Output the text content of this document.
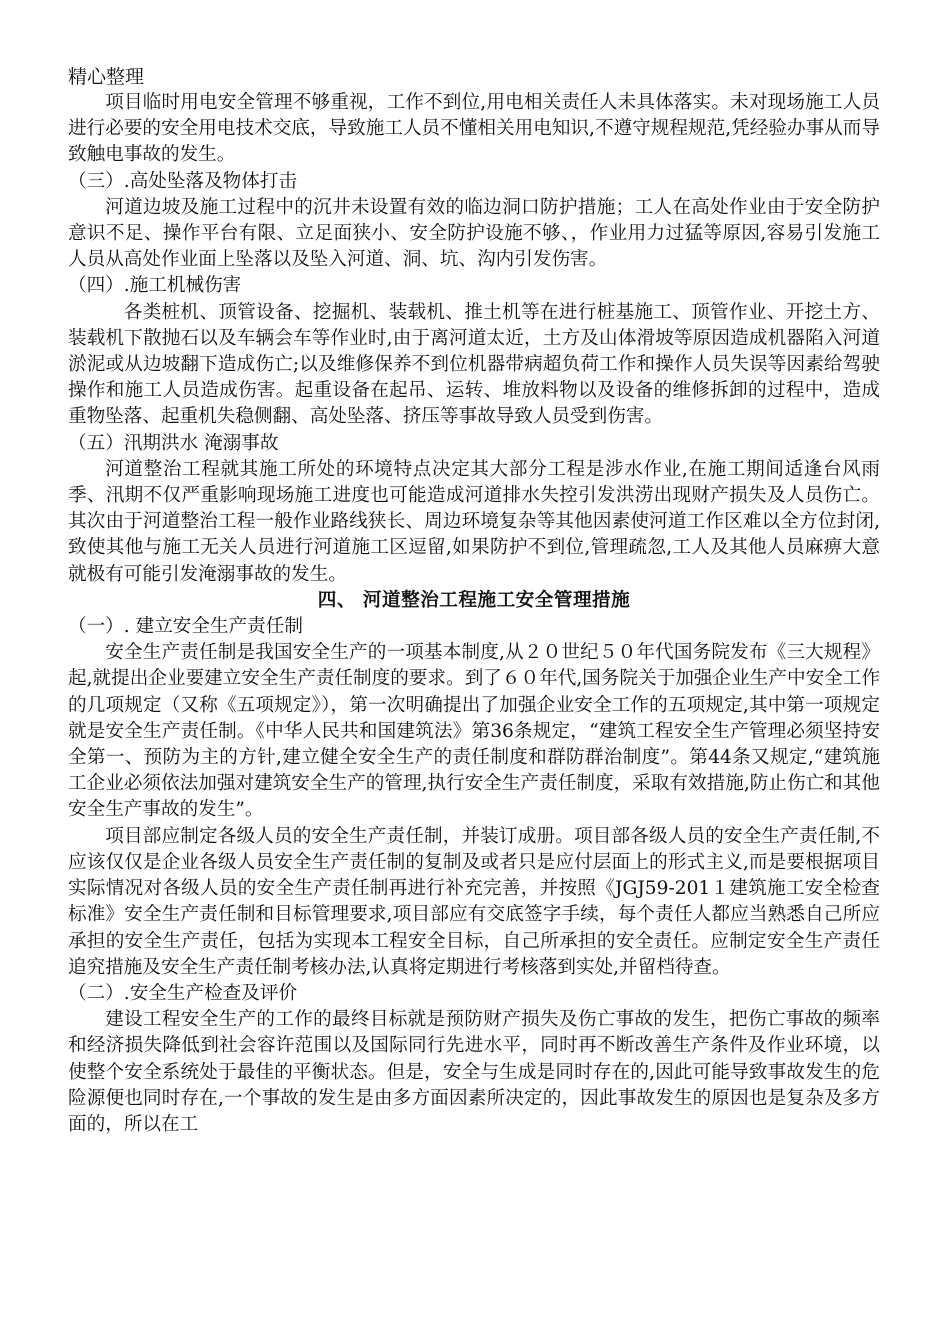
精心整理

项目临时用电安全管理不够重视，工作不到位,用电相关责任人未具体落实。未对现场施工人员进行必要的安全用电技术交底，导致施工人员不懂相关用电知识,不遵守规程规范,凭经验办事从而导致触电事故的发生。

（三）.高处坠落及物体打击

河道边坡及施工过程中的沉井未设置有效的临边洞口防护措施；工人在高处作业由于安全防护意识不足、操作平台有限、立足面狭小、安全防护设施不够、，作业用力过猛等原因,容易引发施工人员从高处作业面上坠落以及坠入河道、洞、坑、沟内引发伤害。

（四）.施工机械伤害

各类桩机、顶管设备、挖掘机、装载机、推土机等在进行桩基施工、顶管作业、开挖土方、装载机下散抛石以及车辆会车等作业时,由于离河道太近，土方及山体滑坡等原因造成机器陷入河道淤泥或从边坡翻下造成伤亡;以及维修保养不到位机器带病超负荷工作和操作人员失误等因素给驾驶操作和施工人员造成伤害。起重设备在起吊、运转、堆放料物以及设备的维修拆卸的过程中，造成重物坠落、起重机失稳侧翻、高处坠落、挤压等事故导致人员受到伤害。

（五）汛期洪水 淹溺事故

河道整治工程就其施工所处的环境特点决定其大部分工程是涉水作业,在施工期间适逢台风雨季、汛期不仅严重影响现场施工进度也可能造成河道排水失控引发洪涝出现财产损失及人员伤亡。其次由于河道整治工程一般作业路线狭长、周边环境复杂等其他因素使河道工作区难以全方位封闭,致使其他与施工无关人员进行河道施工区逗留,如果防护不到位,管理疏忽,工人及其他人员麻痹大意就极有可能引发淹溺事故的发生。

四、 河道整治工程施工安全管理措施

（一）. 建立安全生产责任制

安全生产责任制是我国安全生产的一项基本制度,从２０世纪５０年代国务院发布《三大规程》起,就提出企业要建立安全生产责任制度的要求。到了６０年代,国务院关于加强企业生产中安全工作的几项规定（又称《五项规定》），第一次明确提出了加强企业安全工作的五项规定,其中第一项规定就是安全生产责任制。《中华人民共和国建筑法》第36条规定，“建筑工程安全生产管理必须坚持安全第一、预防为主的方针,建立健全安全生产的责任制度和群防群治制度”。第44条又规定,“建筑施工企业必须依法加强对建筑安全生产的管理,执行安全生产责任制度，采取有效措施,防止伤亡和其他安全生产事故的发生”。

项目部应制定各级人员的安全生产责任制，并装订成册。项目部各级人员的安全生产责任制,不应该仅仅是企业各级人员安全生产责任制的复制及或者只是应付层面上的形式主义,而是要根据项目实际情况对各级人员的安全生产责任制再进行补充完善，并按照《JGJ59-201１建筑施工安全检查标准》安全生产责任制和目标管理要求,项目部应有交底签字手续，每个责任人都应当熟悉自己所应承担的安全生产责任，包括为实现本工程安全目标，自己所承担的安全责任。应制定安全生产责任追究措施及安全生产责任制考核办法,认真将定期进行考核落到实处,并留档待查。

（二）.安全生产检查及评价

建设工程安全生产的工作的最终目标就是预防财产损失及伤亡事故的发生，把伤亡事故的频率和经济损失降低到社会容许范围以及国际同行先进水平，同时再不断改善生产条件及作业环境，以使整个安全系统处于最佳的平衡状态。但是，安全与生成是同时存在的,因此可能导致事故发生的危险源便也同时存在,一个事故的发生是由多方面因素所决定的，因此事故发生的原因也是复杂及多方面的，所以在工
